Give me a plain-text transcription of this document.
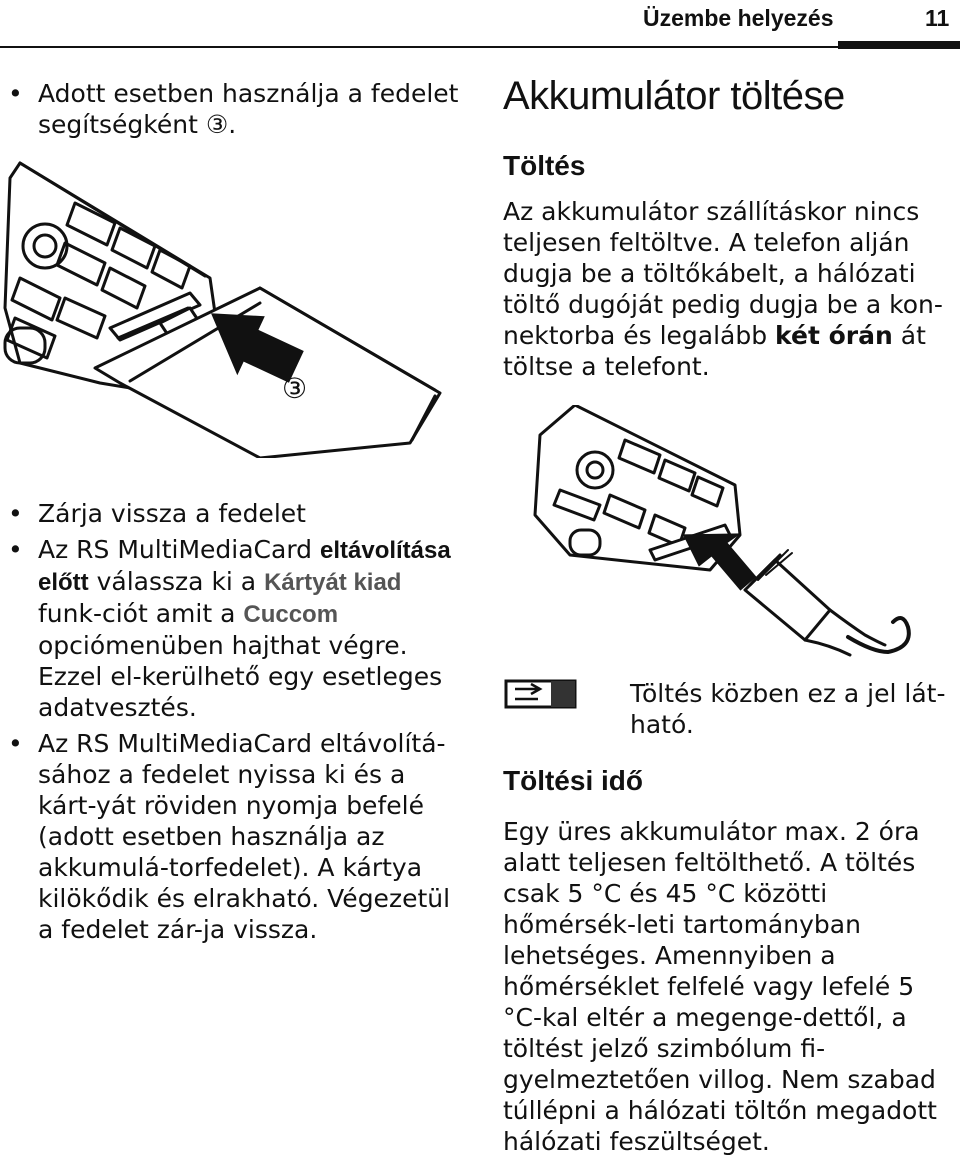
Üzembe helyezés	11
• Adott esetben használja a fedelet segítségként ③.
③
• Zárja vissza a fedelet
• Az RS MultiMediaCard eltávolítása előtt válassza ki a Kártyát kiad funk-ciót amit a Cuccom opciómenüben hajthat végre. Ezzel el-kerülhető egy esetleges adatvesztés.
• Az RS MultiMediaCard eltávolítá-sához a fedelet nyissa ki és a kárt-yát röviden nyomja befelé (adott esetben használja az akkumulá-torfedelet). A kártya kilökődik és elrakható. Végezetül a fedelet zár-ja vissza.
Akkumulátor töltése
Töltés

Az akkumulátor szállításkor nincs teljesen feltöltve. A telefon alján dugja be a töltőkábelt, a hálózati töltő dugóját pedig dugja be a kon-nektorba és legalább két órán át töltse a telefont.

Töltés közben ez a jel lát-ható.
Töltési idő

Egy üres akkumulátor max. 2 óra alatt teljesen feltölthető. A töltés csak 5 °C és 45 °C közötti hőmérsék-leti tartományban lehetséges. Amennyiben a hőmérséklet felfelé vagy lefelé 5 °C-kal eltér a megenge-dettől, a töltést jelző szimbólum fi-gyelmeztetően villog. Nem szabad túllépni a hálózati töltőn megadott hálózati feszültséget.
